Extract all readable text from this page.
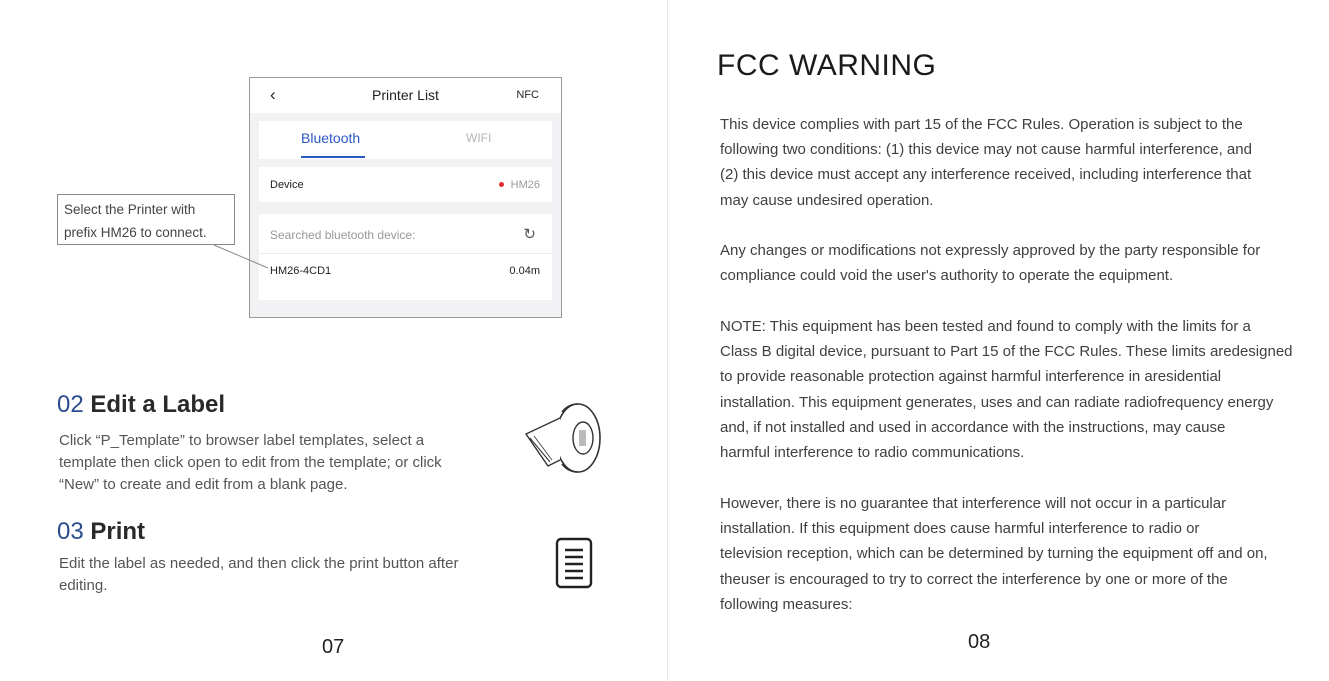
‹	Printer List	NFC
Bluetooth	WIFI
Device	HM26
Searched bluetooth device:	↻
HM26-4CD1	0.04m
Select the Printer with
prefix HM26 to connect.
02 Edit a Label
Click “P_Template” to browser label templates, select a
template then click open to edit from the template; or click
“New” to create and edit from a blank page.
03 Print
Edit the label as needed, and then click the print button after
editing.
07
FCC WARNING
This device complies with part 15 of the FCC Rules. Operation is subject to the
following two conditions: (1) this device may not cause harmful interference, and
(2) this device must accept any interference received, including interference that
may cause undesired operation.
Any changes or modifications not expressly approved by the party responsible for
compliance could void the user's authority to operate the equipment.
NOTE: This equipment has been tested and found to comply with the limits for a
Class B digital device, pursuant to Part 15 of the FCC Rules. These limits aredesigned
to provide reasonable protection against harmful interference in aresidential
installation. This equipment generates, uses and can radiate radiofrequency energy
and, if not installed and used in accordance with the instructions, may cause
harmful interference to radio communications.
However, there is no guarantee that interference will not occur in a particular
installation. If this equipment does cause harmful interference to radio or
television reception, which can be determined by turning the equipment off and on,
theuser is encouraged to try to correct the interference by one or more of the
following measures:
08
